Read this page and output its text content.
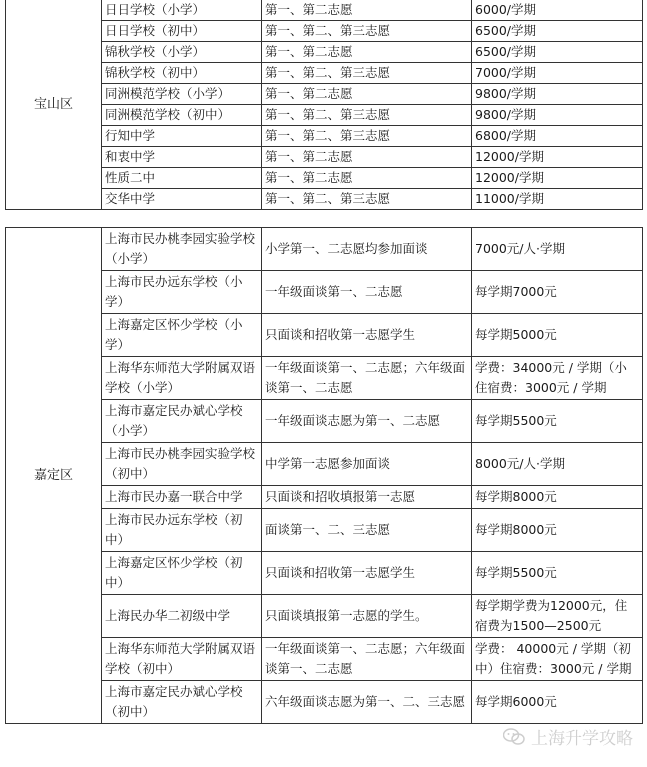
宝山区	日日学校（小学）	第一、第二志愿	6000/学期
	日日学校（初中）	第一、第二、第三志愿	6500/学期
	锦秋学校（小学）	第一、第二志愿	6500/学期
	锦秋学校（初中）	第一、第二、第三志愿	7000/学期
	同洲模范学校（小学）	第一、第二志愿	9800/学期
	同洲模范学校（初中）	第一、第二、第三志愿	9800/学期
	行知中学	第一、第二、第三志愿	6800/学期
	和衷中学	第一、第二志愿	12000/学期
	性质二中	第一、第二志愿	12000/学期
	交华中学	第一、第二、第三志愿	11000/学期
嘉定区	上海市民办桃李园实验学校（小学）	小学第一、二志愿均参加面谈	7000元/人·学期
	上海市民办远东学校（小学）	一年级面谈第一、二志愿	每学期7000元
	上海嘉定区怀少学校（小学）	只面谈和招收第一志愿学生	每学期5000元
	上海华东师范大学附属双语学校（小学）	一年级面谈第一、二志愿；六年级面谈第一、二志愿	学费：34000元 / 学期（小住宿费：3000元 / 学期
	上海市嘉定民办斌心学校（小学）	一年级面谈志愿为第一、二志愿	每学期5500元
	上海市民办桃李园实验学校（初中）	中学第一志愿参加面谈	8000元/人·学期
	上海市民办嘉一联合中学	只面谈和招收填报第一志愿	每学期8000元
	上海市民办远东学校（初中）	面谈第一、二、三志愿	每学期8000元
	上海嘉定区怀少学校（初中）	只面谈和招收第一志愿学生	每学期5500元
	上海民办华二初级中学	只面谈填报第一志愿的学生。	每学期学费为12000元，住宿费为1500—2500元
	上海华东师范大学附属双语学校（初中）	一年级面谈第一、二志愿；六年级面谈第一、二志愿	学费： 40000元 / 学期（初中）住宿费：3000元 / 学期
	上海市嘉定民办斌心学校（初中）	六年级面谈志愿为第一、二、三志愿	每学期6000元
上海升学攻略
